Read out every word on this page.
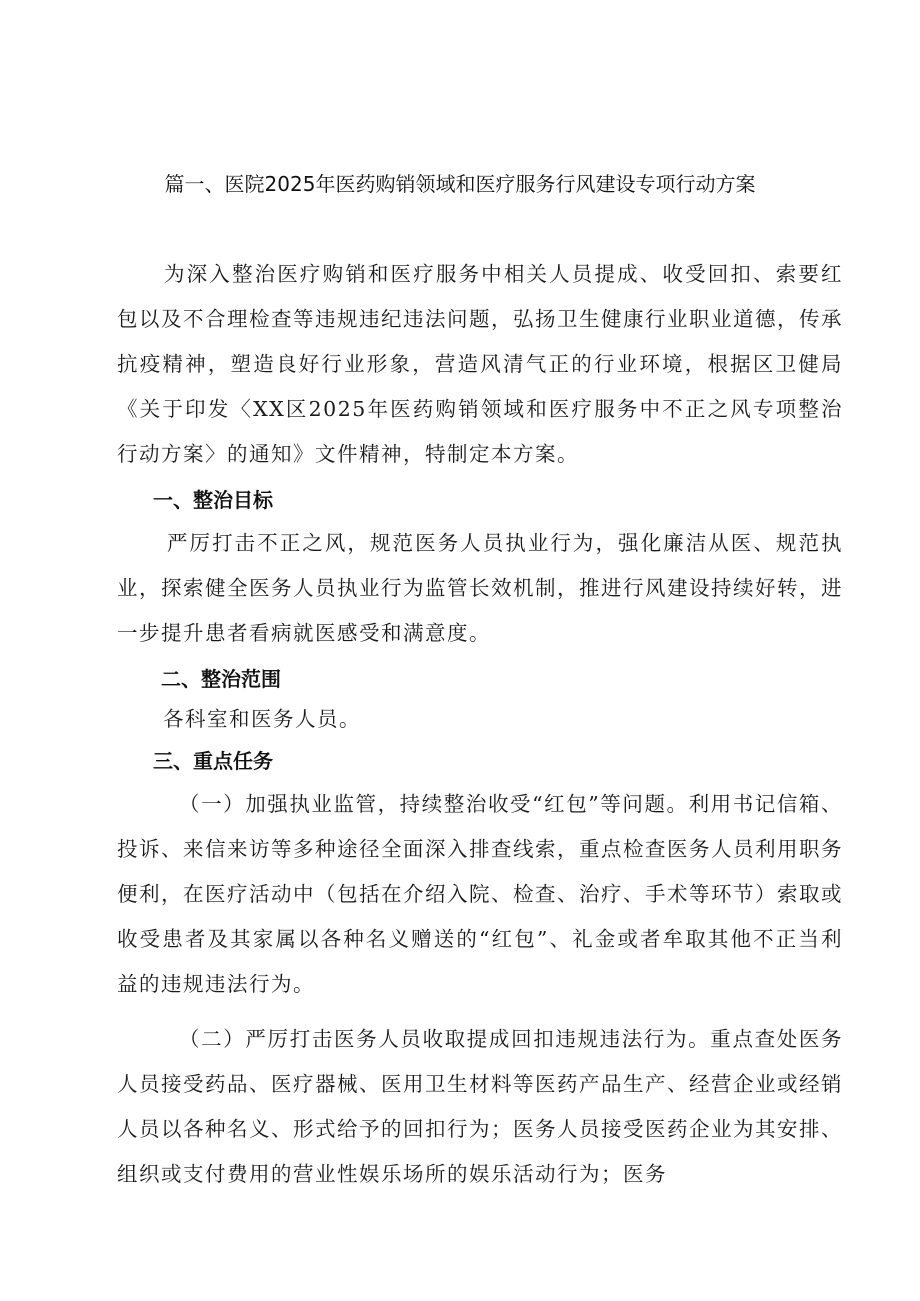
篇一、医院2025年医药购销领域和医疗服务行风建设专项行动方案

为深入整治医疗购销和医疗服务中相关人员提成、收受回扣、索要红包以及不合理检查等违规违纪违法问题，弘扬卫生健康行业职业道德，传承抗疫精神，塑造良好行业形象，营造风清气正的行业环境，根据区卫健局《关于印发〈XX区2025年医药购销领域和医疗服务中不正之风专项整治行动方案〉的通知》文件精神，特制定本方案。

一、整治目标

严厉打击不正之风，规范医务人员执业行为，强化廉洁从医、规范执业，探索健全医务人员执业行为监管长效机制，推进行风建设持续好转，进一步提升患者看病就医感受和满意度。

二、整治范围

各科室和医务人员。

三、重点任务

（一）加强执业监管，持续整治收受“红包”等问题。利用书记信箱、投诉、来信来访等多种途径全面深入排查线索，重点检查医务人员利用职务便利，在医疗活动中（包括在介绍入院、检查、治疗、手术等环节）索取或收受患者及其家属以各种名义赠送的“红包”、礼金或者牟取其他不正当利益的违规违法行为。

（二）严厉打击医务人员收取提成回扣违规违法行为。重点查处医务人员接受药品、医疗器械、医用卫生材料等医药产品生产、经营企业或经销人员以各种名义、形式给予的回扣行为；医务人员接受医药企业为其安排、组织或支付费用的营业性娱乐场所的娱乐活动行为；医务
